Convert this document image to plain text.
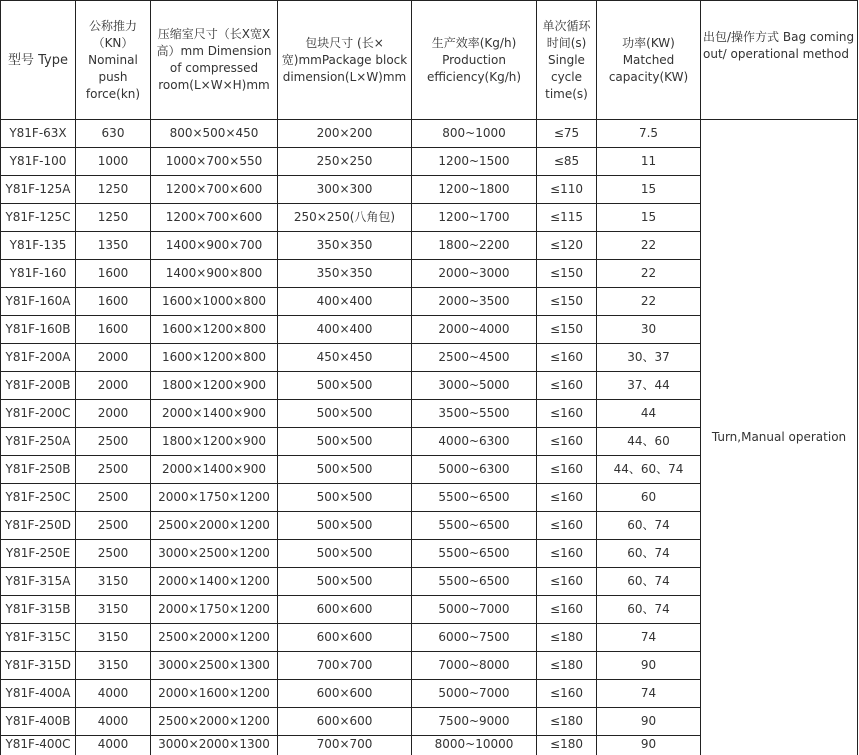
型号 Type	公称推力（KN）Nominal push force(kn)	压缩室尺寸（长X宽X高）mm Dimension of compressed room(L×W×H)mm	包块尺寸 (长×宽)mmPackage block dimension(L×W)mm	生产效率(Kg/h) Production efficiency(Kg/h)	单次循环时间(s) Single cycle time(s)	功率(KW) Matched capacity(KW)	出包/操作方式 Bag coming out/ operational method
Y81F-63X	630	800×500×450	200×200	800~1000	≤75	7.5	Turn,Manual operation
Y81F-100	1000	1000×700×550	250×250	1200~1500	≤85	11	
Y81F-125A	1250	1200×700×600	300×300	1200~1800	≤110	15	
Y81F-125C	1250	1200×700×600	250×250(八角包)	1200~1700	≤115	15	
Y81F-135	1350	1400×900×700	350×350	1800~2200	≤120	22	
Y81F-160	1600	1400×900×800	350×350	2000~3000	≤150	22	
Y81F-160A	1600	1600×1000×800	400×400	2000~3500	≤150	22	
Y81F-160B	1600	1600×1200×800	400×400	2000~4000	≤150	30	
Y81F-200A	2000	1600×1200×800	450×450	2500~4500	≤160	30、37	
Y81F-200B	2000	1800×1200×900	500×500	3000~5000	≤160	37、44	
Y81F-200C	2000	2000×1400×900	500×500	3500~5500	≤160	44	
Y81F-250A	2500	1800×1200×900	500×500	4000~6300	≤160	44、60	
Y81F-250B	2500	2000×1400×900	500×500	5000~6300	≤160	44、60、74	
Y81F-250C	2500	2000×1750×1200	500×500	5500~6500	≤160	60	
Y81F-250D	2500	2500×2000×1200	500×500	5500~6500	≤160	60、74	
Y81F-250E	2500	3000×2500×1200	500×500	5500~6500	≤160	60、74	
Y81F-315A	3150	2000×1400×1200	500×500	5500~6500	≤160	60、74	
Y81F-315B	3150	2000×1750×1200	600×600	5000~7000	≤160	60、74	
Y81F-315C	3150	2500×2000×1200	600×600	6000~7500	≤180	74	
Y81F-315D	3150	3000×2500×1300	700×700	7000~8000	≤180	90	
Y81F-400A	4000	2000×1600×1200	600×600	5000~7000	≤160	74	
Y81F-400B	4000	2500×2000×1200	600×600	7500~9000	≤180	90	
Y81F-400C	4000	3000×2000×1300	700×700	8000~10000	≤180	90	
